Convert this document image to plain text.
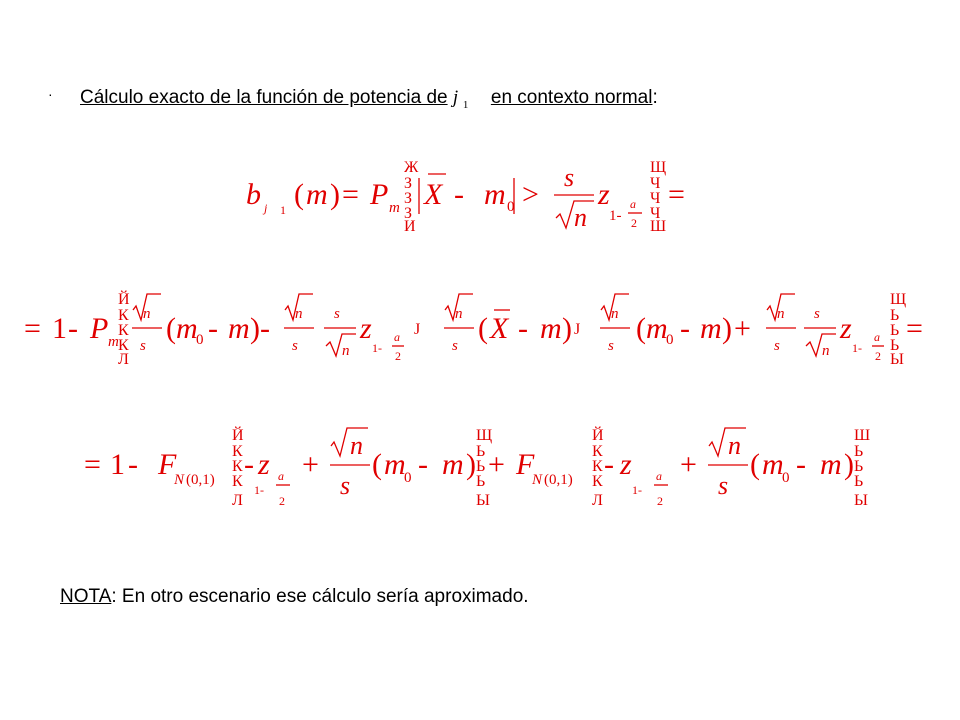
· Cálculo exacto de la función de potencia de j $_1$ en contexto normal:
b j 1 ( m ) = P m
Ж
З
З
З
И
X - m 0 >
s
n
z
1-
a
2
Щ
Ч
Ч
Ч
Ш
=
= 1 - P m
Й
К
К
К
Л
n
s
( m
0 - m ) - n
s
s
n
z
1-
a
2
Ј
n
s
( X - m ) Ј
n
s
( m
0 - m ) + n
s
s
n
z
1-
a
2
Щ
Ь
Ь
Ь
Ы
=
= 1 - F
N (0,1)
Й
К
К
К
Л
- z
1-
a
2
+
n
s
( m
0 - m )
Щ
Ь
Ь
Ь
Ы
+ F
N (0,1)
Й
К
К
К
Л
- z
1-
a
2
+
n
s
( m
0 - m )
Ш
Ь
Ь
Ь
Ы
NOTA: En otro escenario ese cálculo sería aproximado.
